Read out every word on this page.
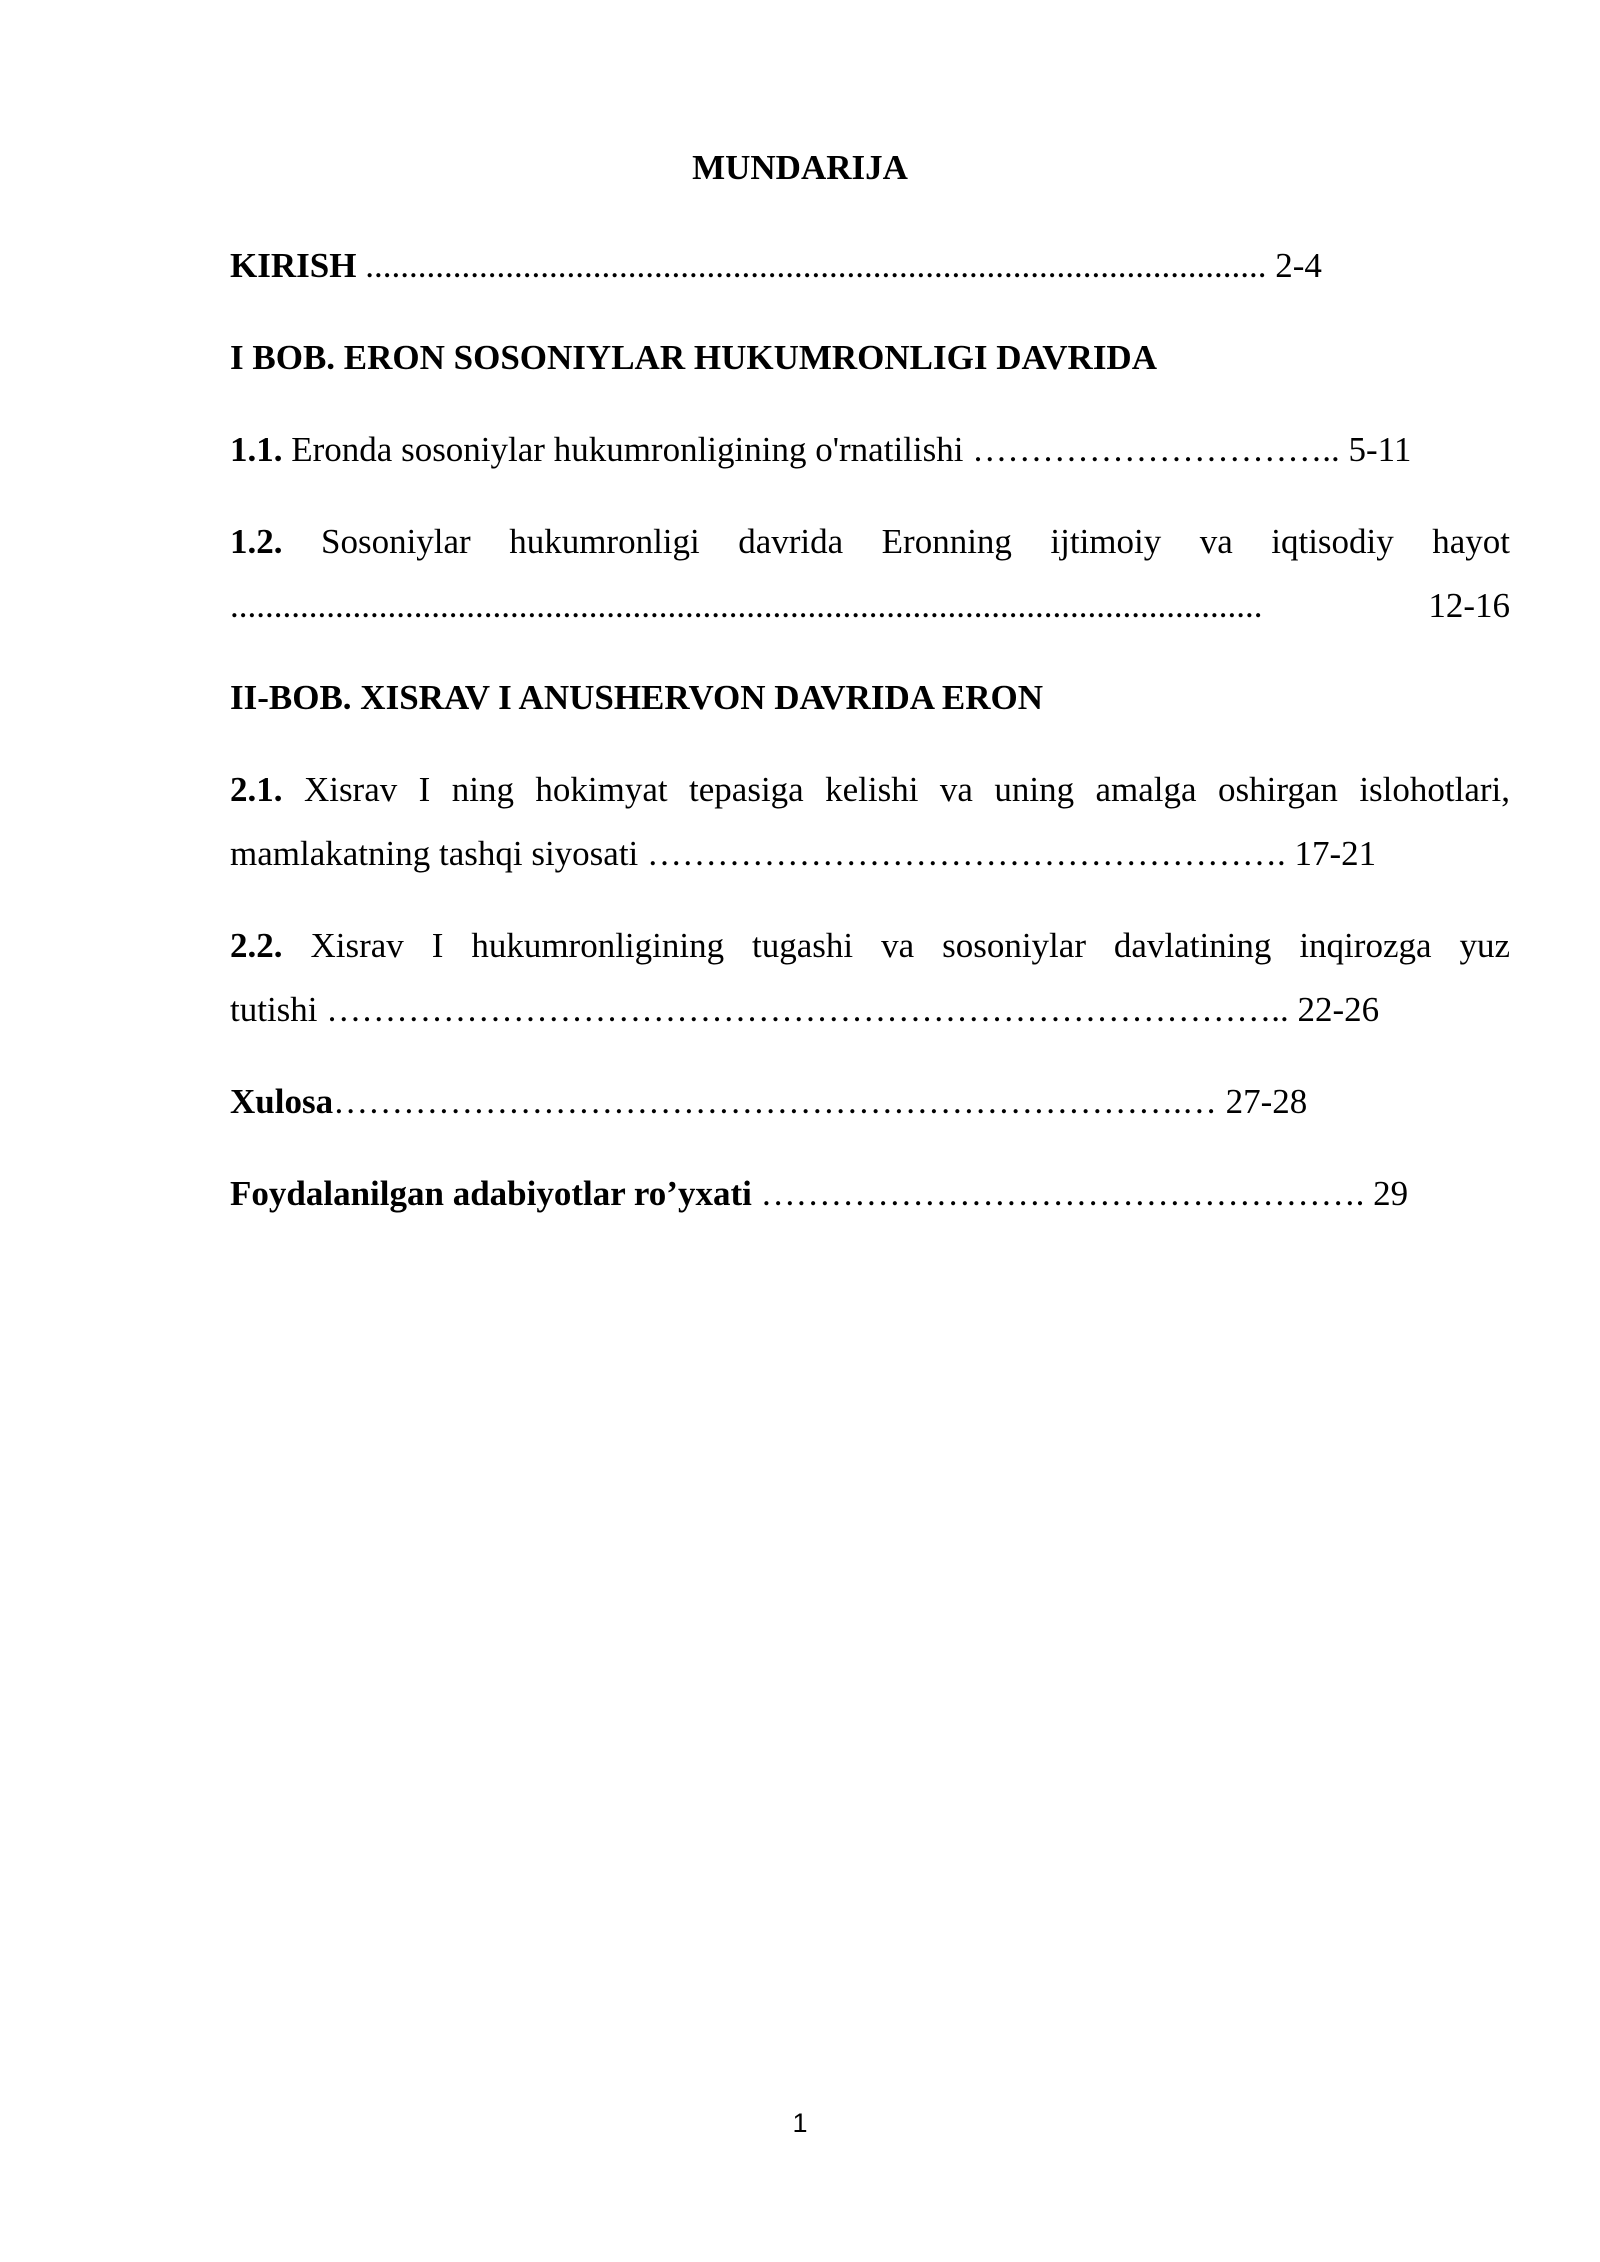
MUNDARIJA
KIRISH ....................................................................................................... 2-4
I BOB. ERON SOSONIYLAR HUKUMRONLIGI DAVRIDA
1.1. Eronda sosoniylar hukumronligining o'rnatilishi ………………………….. 5-11
1.2. Sosoniylar hukumronligi davrida Eronning ijtimoiy va iqtisodiy hayot
......................................................................................................................	12-16
II-BOB. XISRAV I ANUSHERVON DAVRIDA ERON
2.1. Xisrav I ning hokimyat tepasiga kelishi va uning amalga oshirgan islohotlari,
mamlakatning tashqi siyosati ………………………………………………. 17-21
2.2. Xisrav I hukumronligining tugashi va sosoniylar davlatining inqirozga yuz
tutishi ……………………………………………………………………….. 22-26
Xulosa……………………………………………………………….… 27-28
Foydalanilgan adabiyotlar ro’yxati ……………………………………………. 29
1
